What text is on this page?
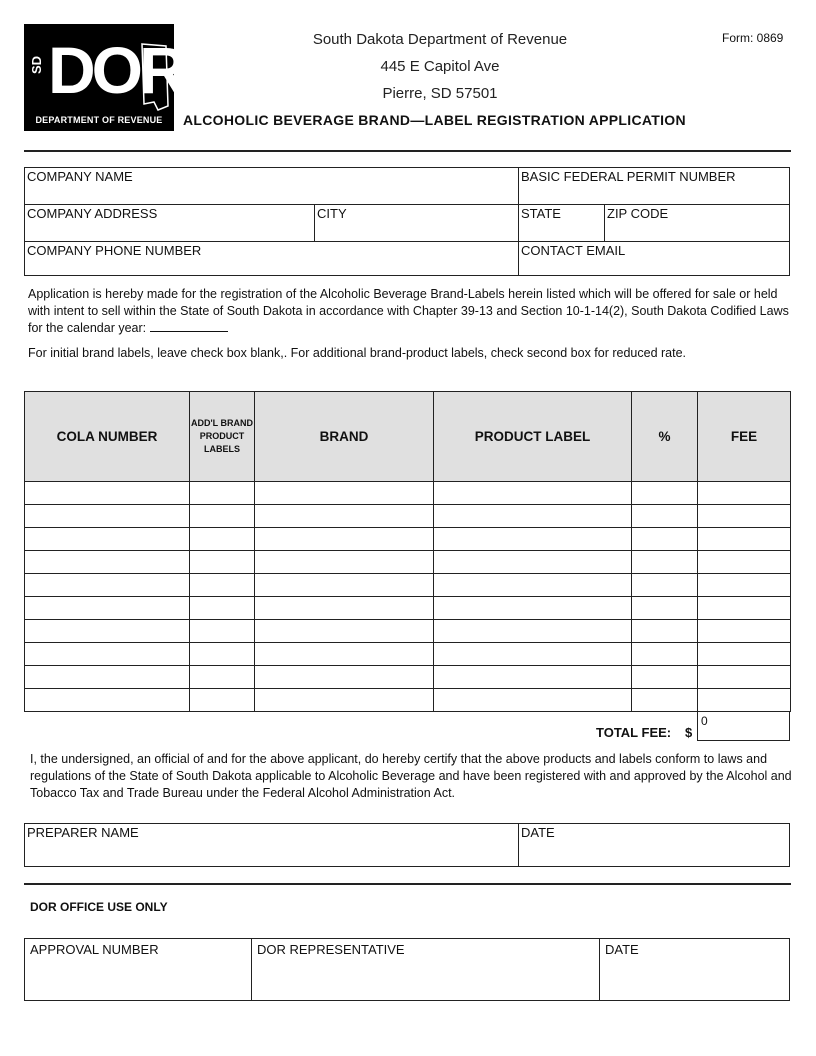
DOR
SD
DEPARTMENT OF REVENUE
South Dakota Department of Revenue
445 E Capitol Ave
Pierre, SD 57501
Form: 0869
ALCOHOLIC BEVERAGE BRAND—LABEL REGISTRATION APPLICATION
COMPANY NAME	BASIC FEDERAL PERMIT NUMBER
COMPANY ADDRESS	CITY	STATE	ZIP CODE
COMPANY PHONE NUMBER	CONTACT EMAIL
Application is hereby made for the registration of the Alcoholic Beverage Brand-Labels herein listed which will be offered for sale or held with intent to sell within the State of South Dakota in accordance with Chapter 39-13 and Section 10-1-14(2), South Dakota Codified Laws for the calendar year:
For initial brand labels, leave check box blank,. For additional brand-product labels, check second box for reduced rate.
COLA NUMBER	ADD'L BRAND PRODUCT LABELS	BRAND	PRODUCT LABEL	%	FEE

TOTAL FEE: $
0
I, the undersigned, an official of and for the above applicant, do hereby certify that the above products and labels conform to laws and regulations of the State of South Dakota applicable to Alcoholic Beverage and have been registered with and approved by the Alcohol and Tobacco Tax and Trade Bureau under the Federal Alcohol Administration Act.
PREPARER NAME	DATE
DOR OFFICE USE ONLY
APPROVAL NUMBER	DOR REPRESENTATIVE	DATE
